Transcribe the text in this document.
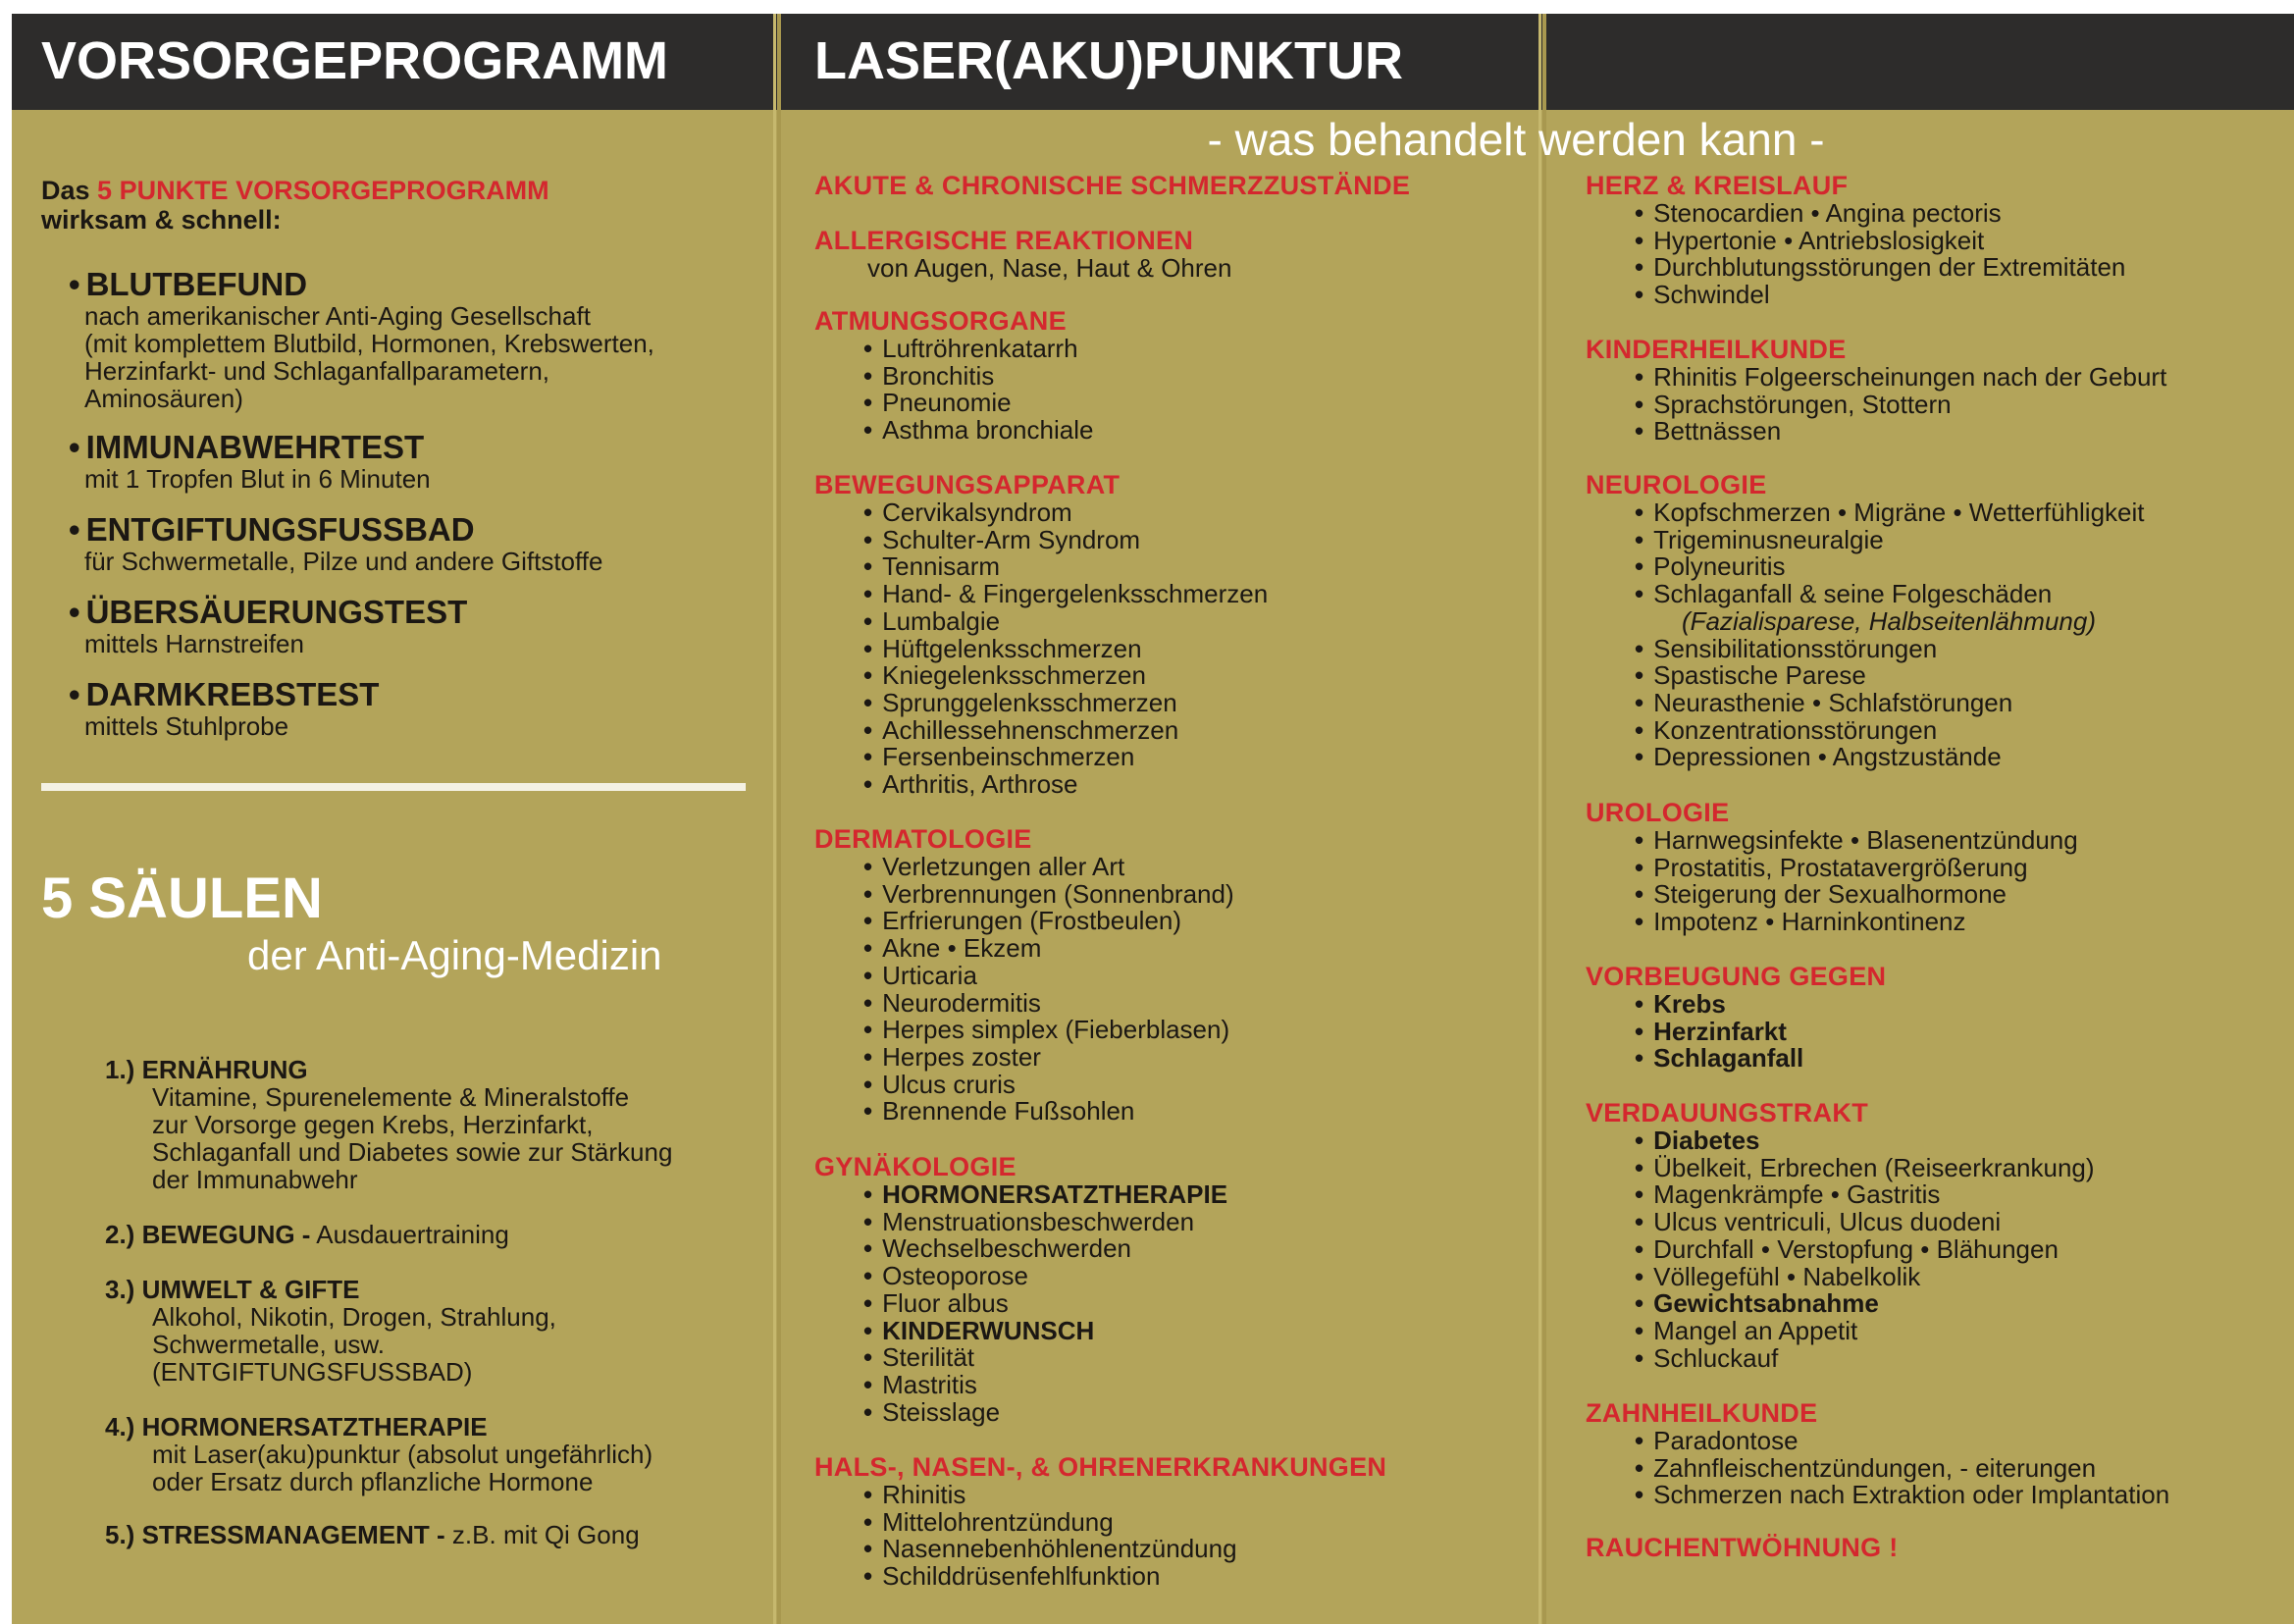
VORSORGEPROGRAMM	LASER(AKU)PUNKTUR
- was behandelt werden kann -
Das 5 PUNKTE VORSORGEPROGRAMM
wirksam & schnell:
• BLUTBEFUND
nach amerikanischer Anti-Aging Gesellschaft
(mit komplettem Blutbild, Hormonen, Krebswerten,
Herzinfarkt- und Schlaganfallparametern,
Aminosäuren)
• IMMUNABWEHRTEST
mit 1 Tropfen Blut in 6 Minuten
• ENTGIFTUNGSFUSSBAD
für Schwermetalle, Pilze und andere Giftstoffe
• ÜBERSÄUERUNGSTEST
mittels Harnstreifen
• DARMKREBSTEST
mittels Stuhlprobe
5 SÄULEN
der Anti-Aging-Medizin
1.) ERNÄHRUNG
Vitamine, Spurenelemente & Mineralstoffe
zur Vorsorge gegen Krebs, Herzinfarkt,
Schlaganfall und Diabetes sowie zur Stärkung
der Immunabwehr
2.) BEWEGUNG - Ausdauertraining
3.) UMWELT & GIFTE
Alkohol, Nikotin, Drogen, Strahlung,
Schwermetalle, usw.
(ENTGIFTUNGSFUSSBAD)
4.) HORMONERSATZTHERAPIE
mit Laser(aku)punktur (absolut ungefährlich)
oder Ersatz durch pflanzliche Hormone
5.) STRESSMANAGEMENT - z.B. mit Qi Gong
AKUTE & CHRONISCHE SCHMERZZUSTÄNDE
ALLERGISCHE REAKTIONEN
von Augen, Nase, Haut & Ohren
ATMUNGSORGANE
• Luftröhrenkatarrh
• Bronchitis
• Pneunomie
• Asthma bronchiale
BEWEGUNGSAPPARAT
• Cervikalsyndrom
• Schulter-Arm Syndrom
• Tennisarm
• Hand- & Fingergelenksschmerzen
• Lumbalgie
• Hüftgelenksschmerzen
• Kniegelenksschmerzen
• Sprunggelenksschmerzen
• Achillessehnenschmerzen
• Fersenbeinschmerzen
• Arthritis, Arthrose
DERMATOLOGIE
• Verletzungen aller Art
• Verbrennungen (Sonnenbrand)
• Erfrierungen (Frostbeulen)
• Akne • Ekzem
• Urticaria
• Neurodermitis
• Herpes simplex (Fieberblasen)
• Herpes zoster
• Ulcus cruris
• Brennende Fußsohlen
GYNÄKOLOGIE
• HORMONERSATZTHERAPIE
• Menstruationsbeschwerden
• Wechselbeschwerden
• Osteoporose
• Fluor albus
• KINDERWUNSCH
• Sterilität
• Mastritis
• Steisslage
HALS-, NASEN-, & OHRENERKRANKUNGEN
• Rhinitis
• Mittelohrentzündung
• Nasennebenhöhlenentzündung
• Schilddrüsenfehlfunktion
HERZ & KREISLAUF
• Stenocardien • Angina pectoris
• Hypertonie • Antriebslosigkeit
• Durchblutungsstörungen der Extremitäten
• Schwindel
KINDERHEILKUNDE
• Rhinitis Folgeerscheinungen nach der Geburt
• Sprachstörungen, Stottern
• Bettnässen
NEUROLOGIE
• Kopfschmerzen • Migräne • Wetterfühligkeit
• Trigeminusneuralgie
• Polyneuritis
• Schlaganfall & seine Folgeschäden
(Fazialisparese, Halbseitenlähmung)
• Sensibilitationsstörungen
• Spastische Parese
• Neurasthenie • Schlafstörungen
• Konzentrationsstörungen
• Depressionen • Angstzustände
UROLOGIE
• Harnwegsinfekte • Blasenentzündung
• Prostatitis, Prostatavergrößerung
• Steigerung der Sexualhormone
• Impotenz • Harninkontinenz
VORBEUGUNG GEGEN
• Krebs
• Herzinfarkt
• Schlaganfall
VERDAUUNGSTRAKT
• Diabetes
• Übelkeit, Erbrechen (Reiseerkrankung)
• Magenkrämpfe • Gastritis
• Ulcus ventriculi, Ulcus duodeni
• Durchfall • Verstopfung • Blähungen
• Völlegefühl • Nabelkolik
• Gewichtsabnahme
• Mangel an Appetit
• Schluckauf
ZAHNHEILKUNDE
• Paradontose
• Zahnfleischentzündungen, - eiterungen
• Schmerzen nach Extraktion oder Implantation
RAUCHENTWÖHNUNG !
